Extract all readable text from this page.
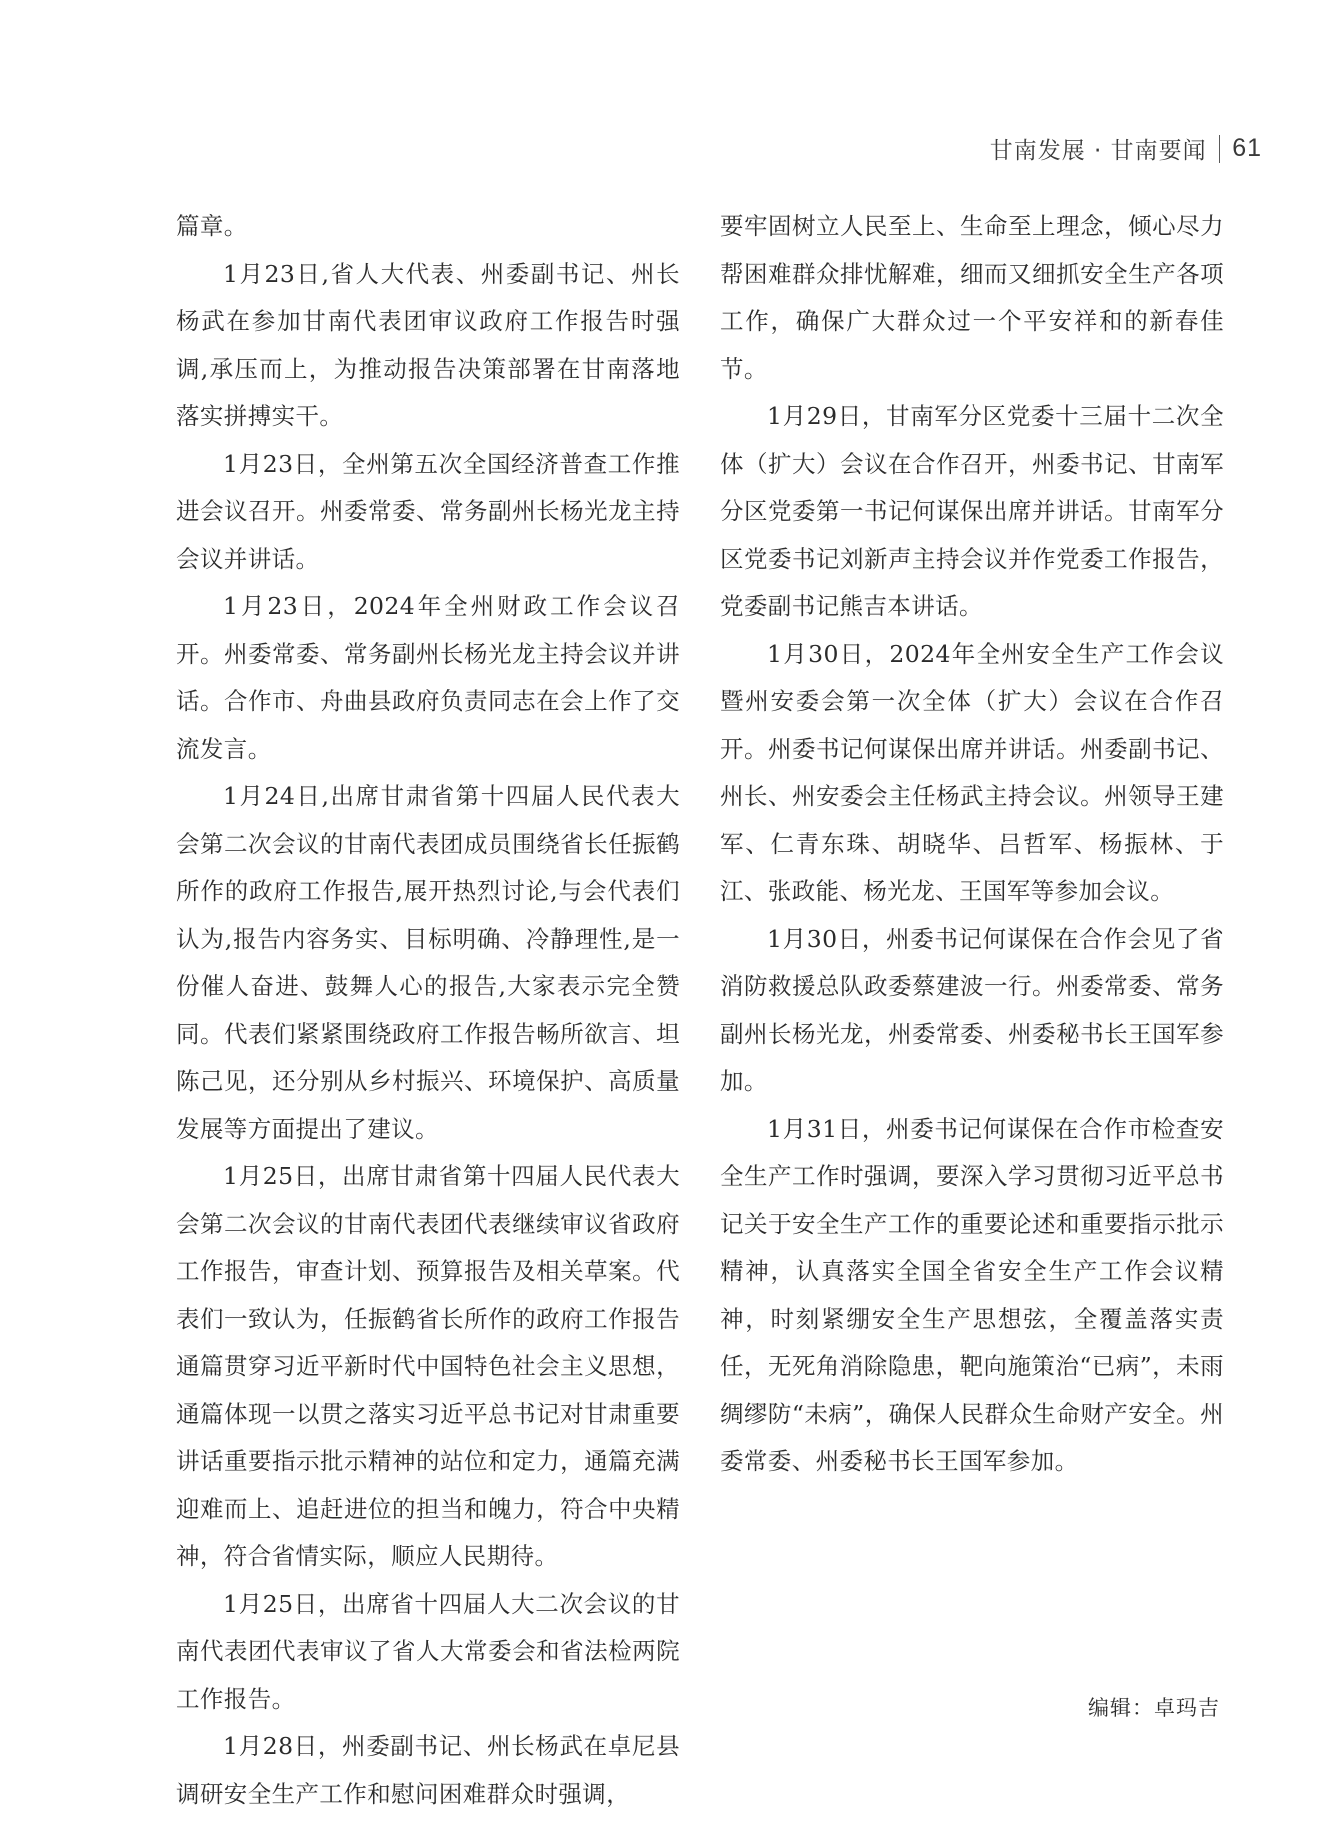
甘南发展 · 甘南要闻 61

篇章。

1月23日,省人大代表、州委副书记、州长杨武在参加甘南代表团审议政府工作报告时强调,承压而上，为推动报告决策部署在甘南落地落实拼搏实干。

1月23日，全州第五次全国经济普查工作推进会议召开。州委常委、常务副州长杨光龙主持会议并讲话。

1月23日，2024年全州财政工作会议召开。州委常委、常务副州长杨光龙主持会议并讲话。合作市、舟曲县政府负责同志在会上作了交流发言。

1月24日,出席甘肃省第十四届人民代表大会第二次会议的甘南代表团成员围绕省长任振鹤所作的政府工作报告,展开热烈讨论,与会代表们认为,报告内容务实、目标明确、冷静理性,是一份催人奋进、鼓舞人心的报告,大家表示完全赞同。代表们紧紧围绕政府工作报告畅所欲言、坦陈己见，还分别从乡村振兴、环境保护、高质量发展等方面提出了建议。

1月25日，出席甘肃省第十四届人民代表大会第二次会议的甘南代表团代表继续审议省政府工作报告，审查计划、预算报告及相关草案。代表们一致认为，任振鹤省长所作的政府工作报告通篇贯穿习近平新时代中国特色社会主义思想，通篇体现一以贯之落实习近平总书记对甘肃重要讲话重要指示批示精神的站位和定力，通篇充满迎难而上、追赶进位的担当和魄力，符合中央精神，符合省情实际，顺应人民期待。

1月25日，出席省十四届人大二次会议的甘南代表团代表审议了省人大常委会和省法检两院工作报告。

1月28日，州委副书记、州长杨武在卓尼县调研安全生产工作和慰问困难群众时强调，

要牢固树立人民至上、生命至上理念，倾心尽力帮困难群众排忧解难，细而又细抓安全生产各项工作，确保广大群众过一个平安祥和的新春佳节。

1月29日，甘南军分区党委十三届十二次全体（扩大）会议在合作召开，州委书记、甘南军分区党委第一书记何谋保出席并讲话。甘南军分区党委书记刘新声主持会议并作党委工作报告，党委副书记熊吉本讲话。

1月30日，2024年全州安全生产工作会议暨州安委会第一次全体（扩大）会议在合作召开。州委书记何谋保出席并讲话。州委副书记、州长、州安委会主任杨武主持会议。州领导王建军、仁青东珠、胡晓华、吕哲军、杨振林、于江、张政能、杨光龙、王国军等参加会议。

1月30日，州委书记何谋保在合作会见了省消防救援总队政委蔡建波一行。州委常委、常务副州长杨光龙，州委常委、州委秘书长王国军参加。

1月31日，州委书记何谋保在合作市检查安全生产工作时强调，要深入学习贯彻习近平总书记关于安全生产工作的重要论述和重要指示批示精神，认真落实全国全省安全生产工作会议精神，时刻紧绷安全生产思想弦，全覆盖落实责任，无死角消除隐患，靶向施策治“已病”，未雨绸缪防“未病”，确保人民群众生命财产安全。州委常委、州委秘书长王国军参加。

编辑：卓玛吉
